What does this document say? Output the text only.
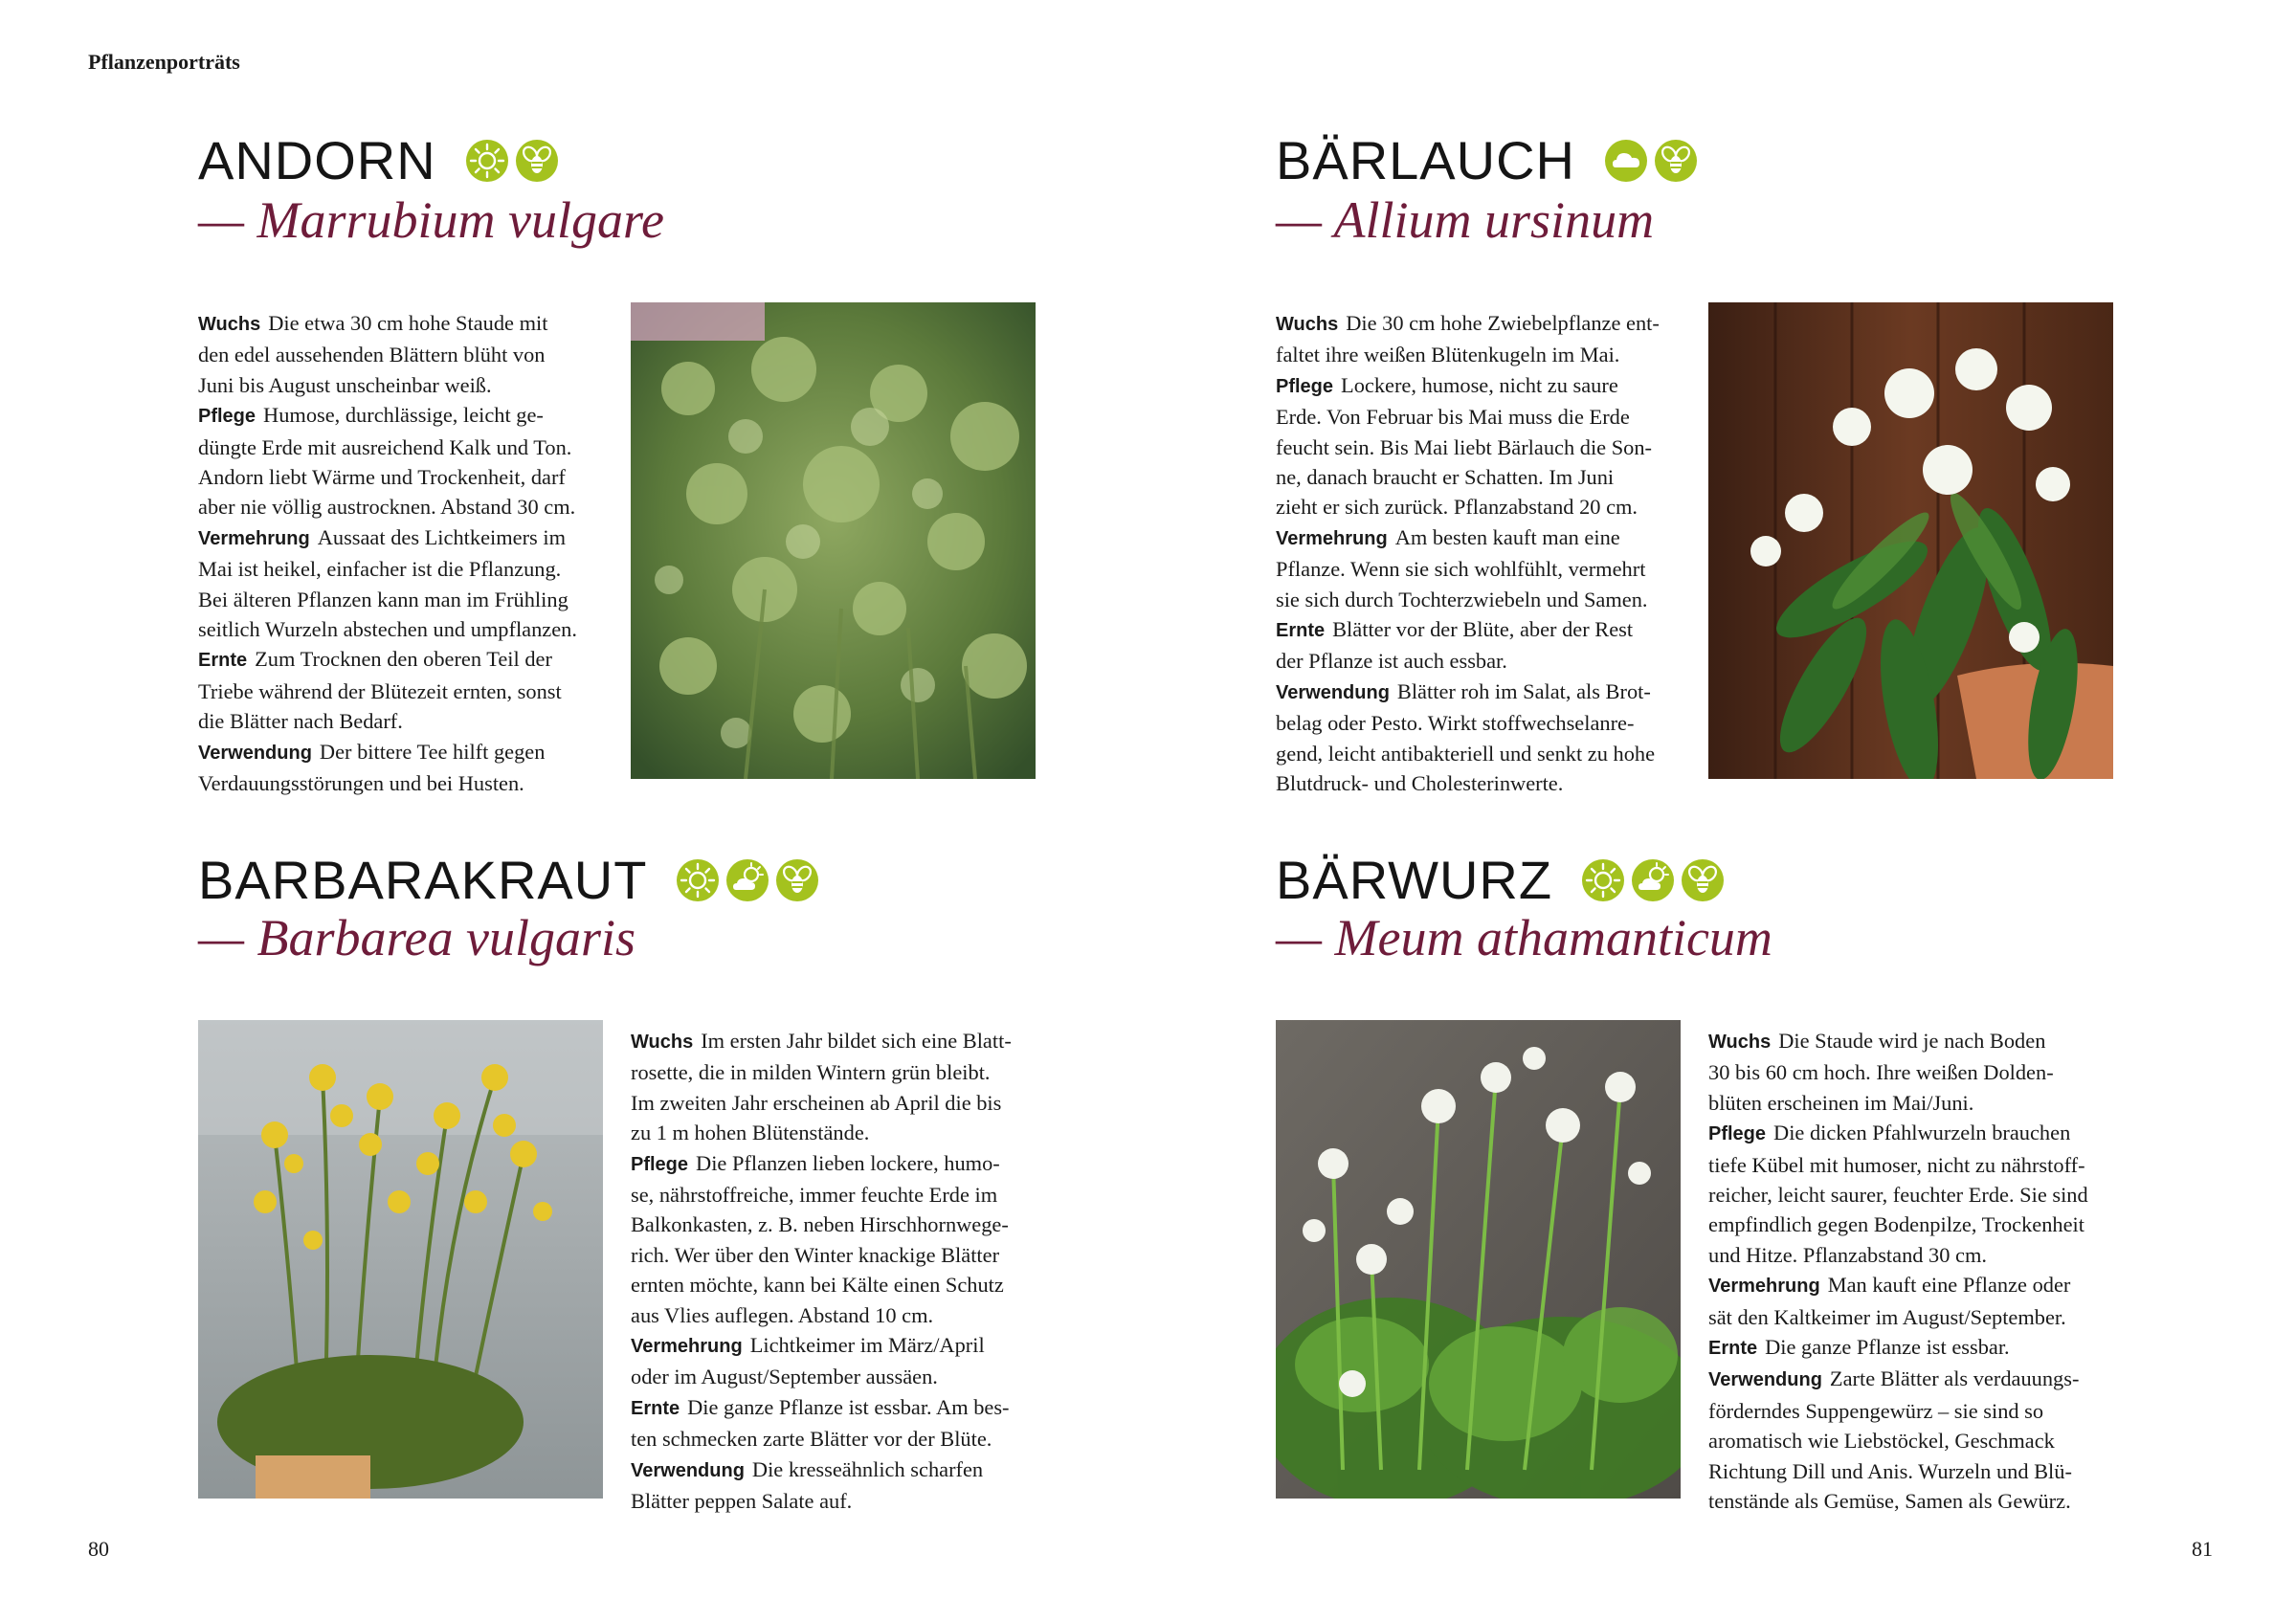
Pflanzenporträts
80	81
ANDORN
— Marrubium vulgare

Wuchs Die etwa 30 cm hohe Staude mit
den edel aussehenden Blättern blüht von
Juni bis August unscheinbar weiß.

Pflege Humose, durchlässige, leicht ge-
düngte Erde mit ausreichend Kalk und Ton.
Andorn liebt Wärme und Trockenheit, darf
aber nie völlig austrocknen. Abstand 30 cm.

Vermehrung Aussaat des Lichtkeimers im
Mai ist heikel, einfacher ist die Pflanzung.
Bei älteren Pflanzen kann man im Frühling
seitlich Wurzeln abstechen und umpflanzen.

Ernte Zum Trocknen den oberen Teil der
Triebe während der Blütezeit ernten, sonst
die Blätter nach Bedarf.

Verwendung Der bittere Tee hilft gegen
Verdauungsstörungen und bei Husten.

BÄRLAUCH
— Allium ursinum

Wuchs Die 30 cm hohe Zwiebelpflanze ent-
faltet ihre weißen Blütenkugeln im Mai.

Pflege Lockere, humose, nicht zu saure
Erde. Von Februar bis Mai muss die Erde
feucht sein. Bis Mai liebt Bärlauch die Son-
ne, danach braucht er Schatten. Im Juni
zieht er sich zurück. Pflanzabstand 20 cm.

Vermehrung Am besten kauft man eine
Pflanze. Wenn sie sich wohlfühlt, vermehrt
sie sich durch Tochterzwiebeln und Samen.

Ernte Blätter vor der Blüte, aber der Rest
der Pflanze ist auch essbar.

Verwendung Blätter roh im Salat, als Brot-
belag oder Pesto. Wirkt stoffwechselanre-
gend, leicht antibakteriell und senkt zu hohe
Blutdruck- und Cholesterinwerte.

BARBARAKRAUT
— Barbarea vulgaris

Wuchs Im ersten Jahr bildet sich eine Blatt-
rosette, die in milden Wintern grün bleibt.
Im zweiten Jahr erscheinen ab April die bis
zu 1 m hohen Blütenstände.

Pflege Die Pflanzen lieben lockere, humo-
se, nährstoffreiche, immer feuchte Erde im
Balkonkasten, z. B. neben Hirschhornwege-
rich. Wer über den Winter knackige Blätter
ernten möchte, kann bei Kälte einen Schutz
aus Vlies auflegen. Abstand 10 cm.

Vermehrung Lichtkeimer im März/April
oder im August/September aussäen.

Ernte Die ganze Pflanze ist essbar. Am bes-
ten schmecken zarte Blätter vor der Blüte.

Verwendung Die kresseähnlich scharfen
Blätter peppen Salate auf.

BÄRWURZ
— Meum athamanticum

Wuchs Die Staude wird je nach Boden
30 bis 60 cm hoch. Ihre weißen Dolden-
blüten erscheinen im Mai/Juni.

Pflege Die dicken Pfahlwurzeln brauchen
tiefe Kübel mit humoser, nicht zu nährstoff-
reicher, leicht saurer, feuchter Erde. Sie sind
empfindlich gegen Bodenpilze, Trockenheit
und Hitze. Pflanzabstand 30 cm.

Vermehrung Man kauft eine Pflanze oder
sät den Kaltkeimer im August/September.

Ernte Die ganze Pflanze ist essbar.

Verwendung Zarte Blätter als verdauungs-
förderndes Suppengewürz – sie sind so
aromatisch wie Liebstöckel, Geschmack
Richtung Dill und Anis. Wurzeln und Blü-
tenstände als Gemüse, Samen als Gewürz.
